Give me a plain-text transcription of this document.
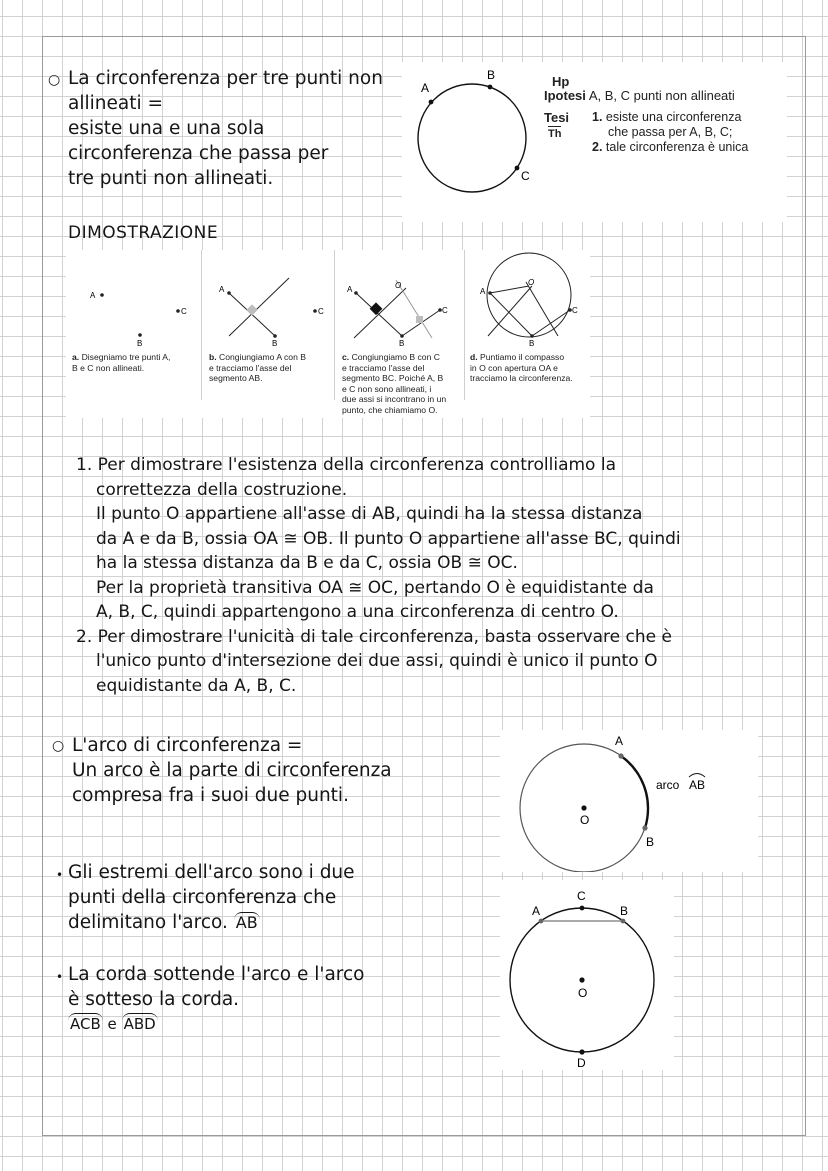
○ La circonferenza per tre punti non
allineati =
esiste una e una sola
circonferenza che passa per
tre punti non allineati.
A
B
C
Hp
Ipotesi A, B, C punti non allineati
Tesi
Th
1. esiste una circonferenza
che passa per A, B, C;
2. tale circonferenza è unica
DIMOSTRAZIONE
A
C
B
a. Disegniamo tre punti A,
B e C non allineati.
A
B
C
b. Congiungiamo A con B
e tracciamo l'asse del
segmento AB.
A
B
C
O
c. Congiungiamo B con C
e tracciamo l'asse del
segmento BC. Poiché A, B
e C non sono allineati, i
due assi si incontrano in un
punto, che chiamiamo O.
A
B
C
O
d. Puntiamo il compasso
in O con apertura OA e
tracciamo la circonferenza.
1. Per dimostrare l'esistenza della circonferenza controlliamo la
correttezza della costruzione.
Il punto O appartiene all'asse di AB, quindi ha la stessa distanza
da A e da B, ossia OA ≅ OB. Il punto O appartiene all'asse BC, quindi
ha la stessa distanza da B e da C, ossia OB ≅ OC.
Per la proprietà transitiva OA ≅ OC, pertando O è equidistante da
A, B, C, quindi appartengono a una circonferenza di centro O.
2. Per dimostrare l'unicità di tale circonferenza, basta osservare che è
l'unico punto d'intersezione dei due assi, quindi è unico il punto O
equidistante da A, B, C.
○ L'arco di circonferenza =
Un arco è la parte di circonferenza
compresa fra i suoi due punti.
A
B
O
arco AB
• Gli estremi dell'arco sono i due
punti della circonferenza che
delimitano l'arco. AB
A	B
C
D
O
• La corda sottende l'arco e l'arco
è sotteso la corda.
ACB e ABD
